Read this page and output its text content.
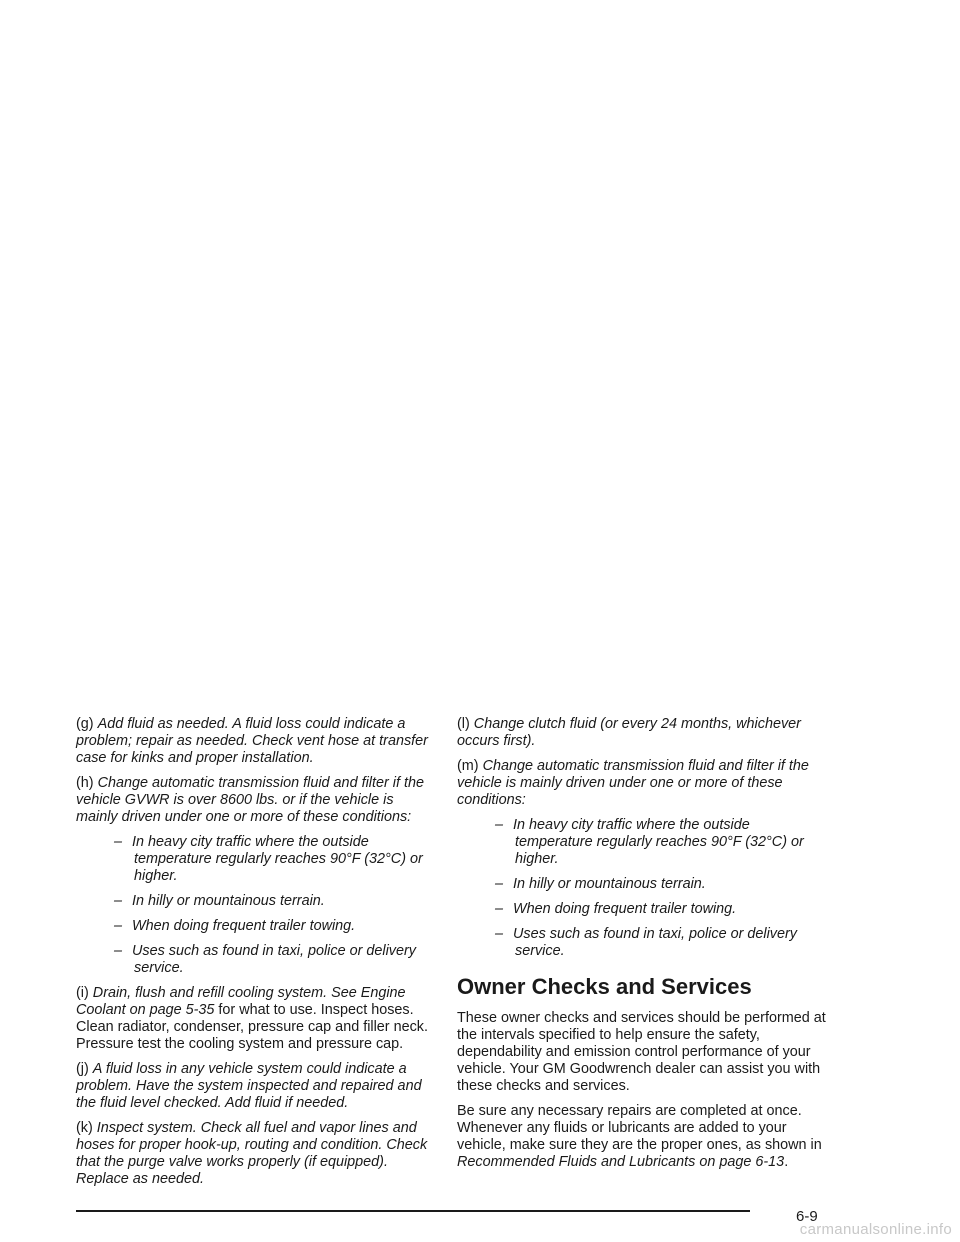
(g) Add fluid as needed. A fluid loss could indicate a problem; repair as needed. Check vent hose at transfer case for kinks and proper installation.

(h) Change automatic transmission fluid and filter if the vehicle GVWR is over 8600 lbs. or if the vehicle is mainly driven under one or more of these conditions:

– In heavy city traffic where the outside temperature regularly reaches 90°F (32°C) or higher.

– In hilly or mountainous terrain.

– When doing frequent trailer towing.

– Uses such as found in taxi, police or delivery service.

(i) Drain, flush and refill cooling system. See Engine Coolant on page 5-35 for what to use. Inspect hoses. Clean radiator, condenser, pressure cap and filler neck. Pressure test the cooling system and pressure cap.

(j) A fluid loss in any vehicle system could indicate a problem. Have the system inspected and repaired and the fluid level checked. Add fluid if needed.

(k) Inspect system. Check all fuel and vapor lines and hoses for proper hook-up, routing and condition. Check that the purge valve works properly (if equipped). Replace as needed.

(l) Change clutch fluid (or every 24 months, whichever occurs first).

(m) Change automatic transmission fluid and filter if the vehicle is mainly driven under one or more of these conditions:

– In heavy city traffic where the outside temperature regularly reaches 90°F (32°C) or higher.

– In hilly or mountainous terrain.

– When doing frequent trailer towing.

– Uses such as found in taxi, police or delivery service.

Owner Checks and Services

These owner checks and services should be performed at the intervals specified to help ensure the safety, dependability and emission control performance of your vehicle. Your GM Goodwrench dealer can assist you with these checks and services.

Be sure any necessary repairs are completed at once. Whenever any fluids or lubricants are added to your vehicle, make sure they are the proper ones, as shown in Recommended Fluids and Lubricants on page 6-13.

6-9
carmanualsonline.info
